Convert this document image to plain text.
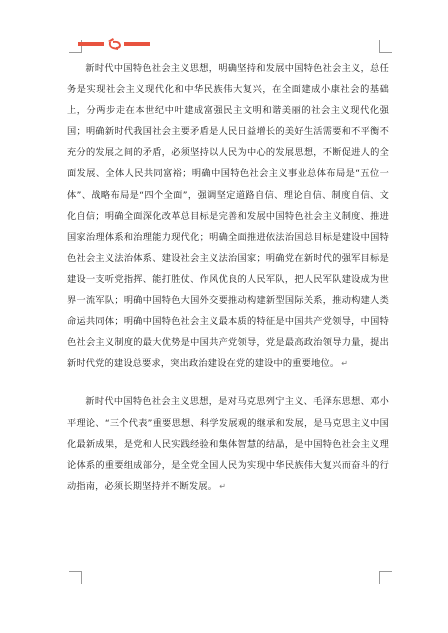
新时代中国特色社会主义思想，明确坚持和发展中国特色社会主义，总任务是实现社会主义现代化和中华民族伟大复兴，在全面建成小康社会的基础上，分两步走在本世纪中叶建成富强民主文明和谐美丽的社会主义现代化强国；明确新时代我国社会主要矛盾是人民日益增长的美好生活需要和不平衡不充分的发展之间的矛盾，必须坚持以人民为中心的发展思想，不断促进人的全面发展、全体人民共同富裕；明确中国特色社会主义事业总体布局是“五位一体”、战略布局是“四个全面”，强调坚定道路自信、理论自信、制度自信、文化自信；明确全面深化改革总目标是完善和发展中国特色社会主义制度、推进国家治理体系和治理能力现代化；明确全面推进依法治国总目标是建设中国特色社会主义法治体系、建设社会主义法治国家；明确党在新时代的强军目标是建设一支听党指挥、能打胜仗、作风优良的人民军队，把人民军队建设成为世界一流军队；明确中国特色大国外交要推动构建新型国际关系，推动构建人类命运共同体；明确中国特色社会主义最本质的特征是中国共产党领导，中国特色社会主义制度的最大优势是中国共产党领导，党是最高政治领导力量，提出新时代党的建设总要求，突出政治建设在党的建设中的重要地位。 ↵

新时代中国特色社会主义思想，是对马克思列宁主义、毛泽东思想、邓小平理论、“三个代表”重要思想、科学发展观的继承和发展，是马克思主义中国化最新成果，是党和人民实践经验和集体智慧的结晶，是中国特色社会主义理论体系的重要组成部分，是全党全国人民为实现中华民族伟大复兴而奋斗的行动指南，必须长期坚持并不断发展。 ↵
